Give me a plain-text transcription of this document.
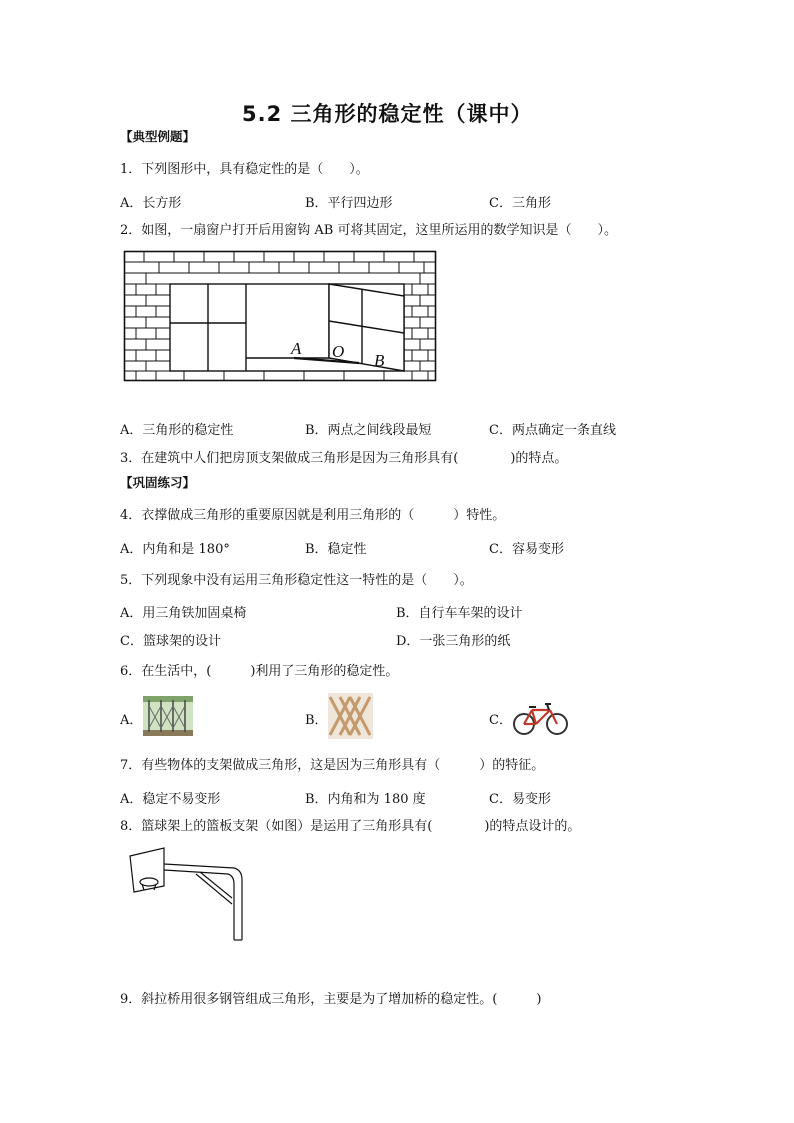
5.2 三角形的稳定性（课中）
【典型例题】
1．下列图形中，具有稳定性的是（　　）。
A．长方形	B．平行四边形	C．三角形
2．如图，一扇窗户打开后用窗钩 AB 可将其固定，这里所运用的数学知识是（　　）。
A O B
A．三角形的稳定性	B．两点之间线段最短	C．两点确定一条直线
3．在建筑中人们把房顶支架做成三角形是因为三角形具有(　　　　)的特点。
【巩固练习】
4．衣撑做成三角形的重要原因就是利用三角形的（　　　）特性。
A．内角和是 180°	B．稳定性	C．容易变形
5．下列现象中没有运用三角形稳定性这一特性的是（　　）。
A．用三角铁加固桌椅	B．自行车车架的设计
C．篮球架的设计	D．一张三角形的纸
6．在生活中，(　　　)利用了三角形的稳定性。
A．	B．	C．
7．有些物体的支架做成三角形，这是因为三角形具有（　　　）的特征。
A．稳定不易变形	B．内角和为 180 度	C．易变形
8．篮球架上的篮板支架（如图）是运用了三角形具有(　　　　)的特点设计的。
9．斜拉桥用很多钢管组成三角形，主要是为了增加桥的稳定性。(　　　)
